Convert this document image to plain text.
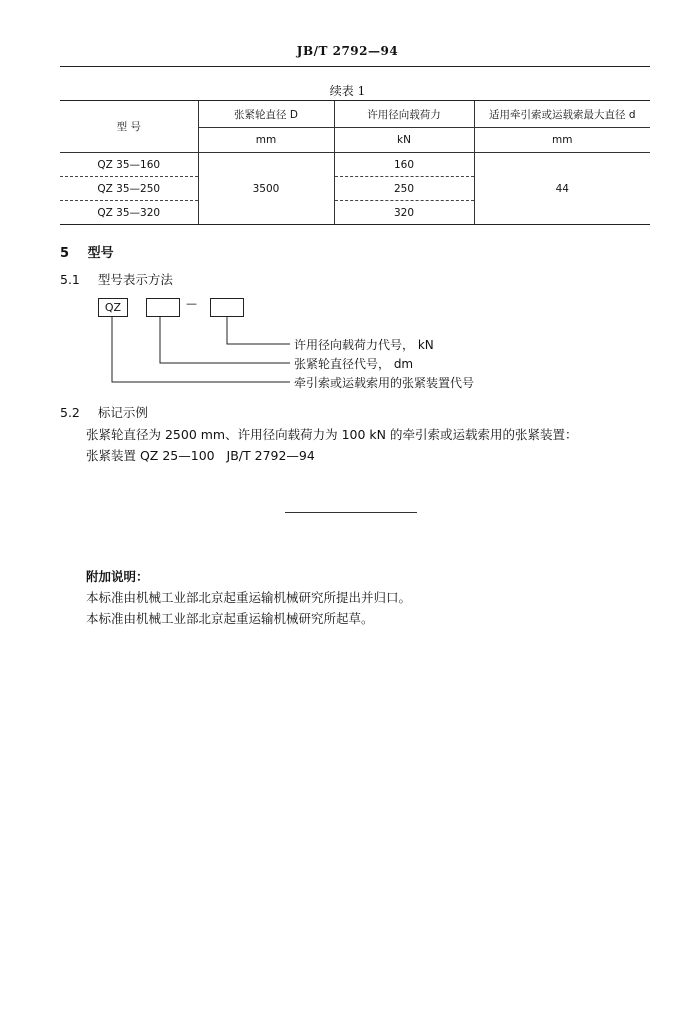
JB/T 2792—94
续表 1
型 号	张紧轮直径 D	许用径向载荷力	适用牵引索或运载索最大直径 d
	mm	kN	mm
QZ 35—160	3500	160	44
QZ 35—250		250	
QZ 35—320		320	
5 型号
5.1 型号表示方法
QZ	—
许用径向载荷力代号， kN
张紧轮直径代号， dm
牵引索或运载索用的张紧装置代号
5.2 标记示例
张紧轮直径为 2500 mm、许用径向载荷力为 100 kN 的牵引索或运载索用的张紧装置：
张紧装置 QZ 25—100   JB/T 2792—94
附加说明：
本标准由机械工业部北京起重运输机械研究所提出并归口。
本标准由机械工业部北京起重运输机械研究所起草。
